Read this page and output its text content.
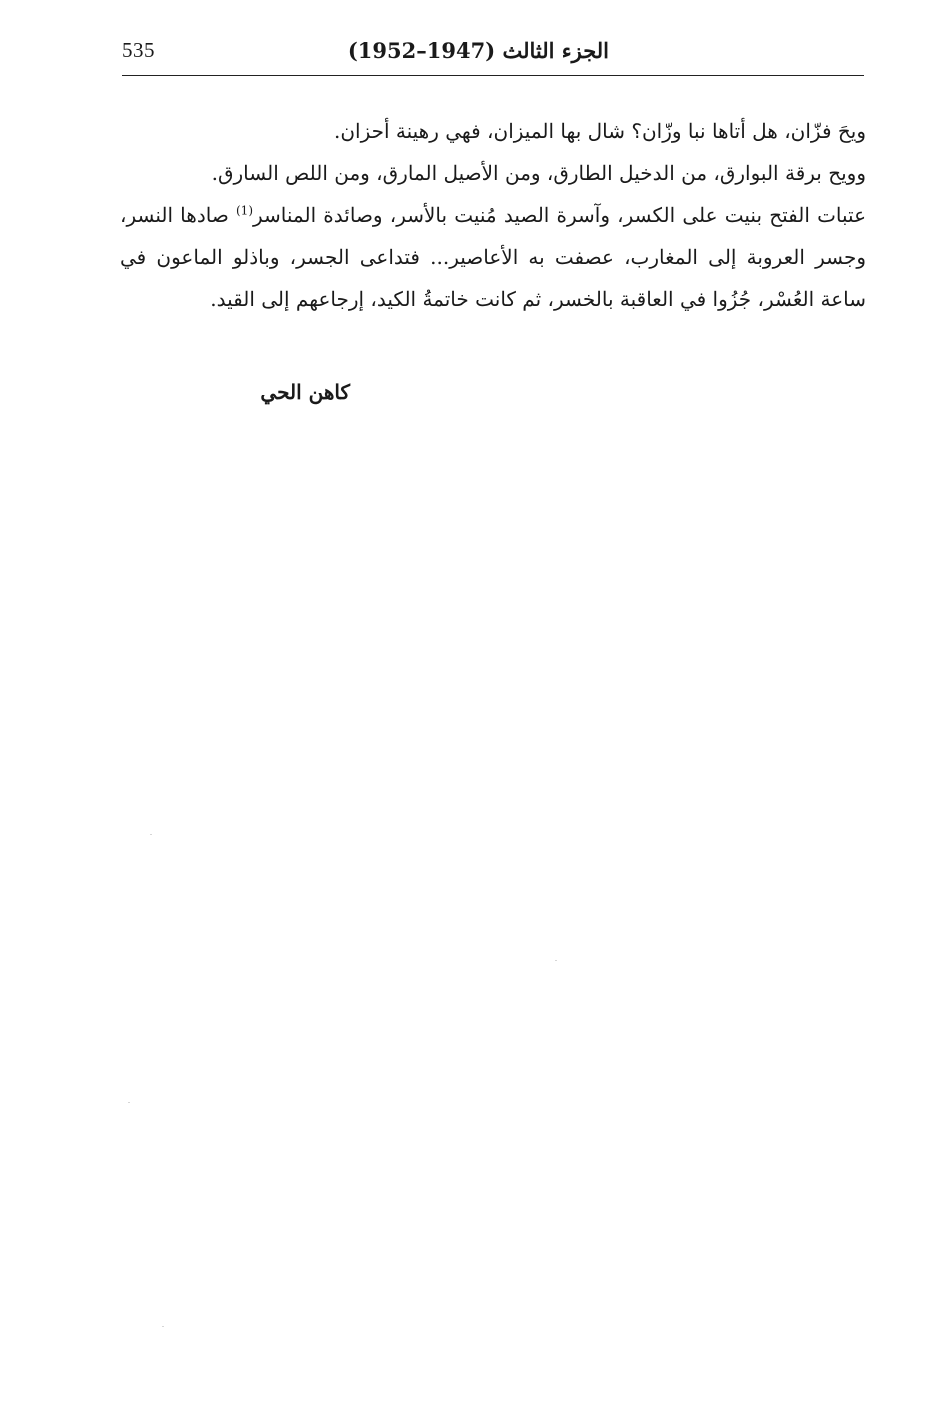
535	الجزء الثالث (1947–1952)

ويحَ فزّان، هل أتاها نبا وزّان؟ شال بها الميزان، فهي رهينة أحزان.

وويح برقة البوارق، من الدخيل الطارق، ومن الأصيل المارق، ومن اللص السارق.

عتبات الفتح بنيت على الكسر، وآسرة الصيد مُنيت بالأسر، وصائدة المناسر$^{(1)}$ صادها النسر، وجسر العروبة إلى المغارب، عصفت به الأعاصير... فتداعى الجسر، وباذلو الماعون في ساعة العُسْر، جُزُوا في العاقبة بالخسر، ثم كانت خاتمةُ الكيد، إرجاعهم إلى القيد.

كاهن الحي
